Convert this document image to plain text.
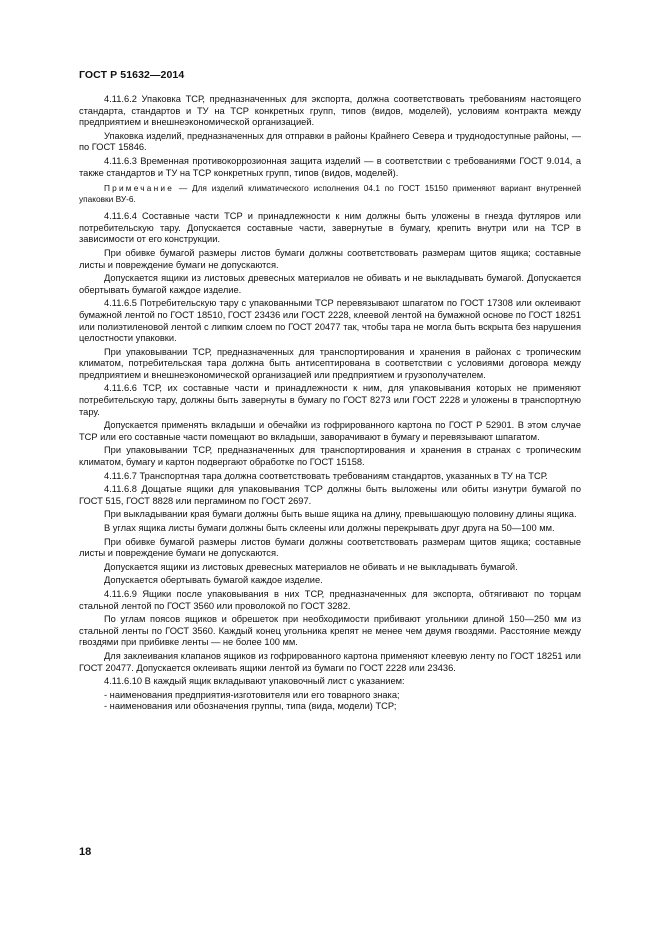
ГОСТ Р 51632—2014

4.11.6.2 Упаковка ТСР, предназначенных для экспорта, должна соответствовать требованиям настоящего стандарта, стандартов и ТУ на ТСР конкретных групп, типов (видов, моделей), условиям контракта между предприятием и внешнеэкономической организацией.

Упаковка изделий, предназначенных для отправки в районы Крайнего Севера и труднодоступные районы, — по ГОСТ 15846.

4.11.6.3 Временная противокоррозионная защита изделий — в соответствии с требованиями ГОСТ 9.014, а также стандартов и ТУ на ТСР конкретных групп, типов (видов, моделей).

Примечание — Для изделий климатического исполнения 04.1 по ГОСТ 15150 применяют вариант внутренней упаковки ВУ-6.

4.11.6.4 Составные части ТСР и принадлежности к ним должны быть уложены в гнезда футляров или потребительскую тару. Допускается составные части, завернутые в бумагу, крепить внутри или на ТСР в зависимости от его конструкции.

При обивке бумагой размеры листов бумаги должны соответствовать размерам щитов ящика; составные листы и повреждение бумаги не допускаются.

Допускается ящики из листовых древесных материалов не обивать и не выкладывать бумагой. Допускается обертывать бумагой каждое изделие.

4.11.6.5 Потребительскую тару с упакованными ТСР перевязывают шпагатом по ГОСТ 17308 или оклеивают бумажной лентой по ГОСТ 18510, ГОСТ 23436 или ГОСТ 2228, клеевой лентой на бумажной основе по ГОСТ 18251 или полиэтиленовой лентой с липким слоем по ГОСТ 20477 так, чтобы тара не могла быть вскрыта без нарушения целостности упаковки.

При упаковывании ТСР, предназначенных для транспортирования и хранения в районах с тропическим климатом, потребительская тара должна быть антисептирована в соответствии с условиями договора между предприятием и внешнеэкономической организацией или предприятием и грузополучателем.

4.11.6.6 ТСР, их составные части и принадлежности к ним, для упаковывания которых не применяют потребительскую тару, должны быть завернуты в бумагу по ГОСТ 8273 или ГОСТ 2228 и уложены в транспортную тару.

Допускается применять вкладыши и обечайки из гофрированного картона по ГОСТ Р 52901. В этом случае ТСР или его составные части помещают во вкладыши, заворачивают в бумагу и перевязывают шпагатом.

При упаковывании ТСР, предназначенных для транспортирования и хранения в странах с тропическим климатом, бумагу и картон подвергают обработке по ГОСТ 15158.

4.11.6.7 Транспортная тара должна соответствовать требованиям стандартов, указанных в ТУ на ТСР.

4.11.6.8 Дощатые ящики для упаковывания ТСР должны быть выложены или обиты изнутри бумагой по ГОСТ 515, ГОСТ 8828 или пергамином по ГОСТ 2697.

При выкладывании края бумаги должны быть выше ящика на длину, превышающую половину длины ящика.

В углах ящика листы бумаги должны быть склеены или должны перекрывать друг друга на 50—100 мм.

При обивке бумагой размеры листов бумаги должны соответствовать размерам щитов ящика; составные листы и повреждение бумаги не допускаются.

Допускается ящики из листовых древесных материалов не обивать и не выкладывать бумагой.

Допускается обертывать бумагой каждое изделие.

4.11.6.9 Ящики после упаковывания в них ТСР, предназначенных для экспорта, обтягивают по торцам стальной лентой по ГОСТ 3560 или проволокой по ГОСТ 3282.

По углам поясов ящиков и обрешеток при необходимости прибивают угольники длиной 150—250 мм из стальной ленты по ГОСТ 3560. Каждый конец угольника крепят не менее чем двумя гвоздями. Расстояние между гвоздями при прибивке ленты — не более 100 мм.

Для заклеивания клапанов ящиков из гофрированного картона применяют клеевую ленту по ГОСТ 18251 или ГОСТ 20477. Допускается оклеивать ящики лентой из бумаги по ГОСТ 2228 или 23436.

4.11.6.10 В каждый ящик вкладывают упаковочный лист с указанием:

- наименования предприятия-изготовителя или его товарного знака;
- наименования или обозначения группы, типа (вида, модели) ТСР;
18
